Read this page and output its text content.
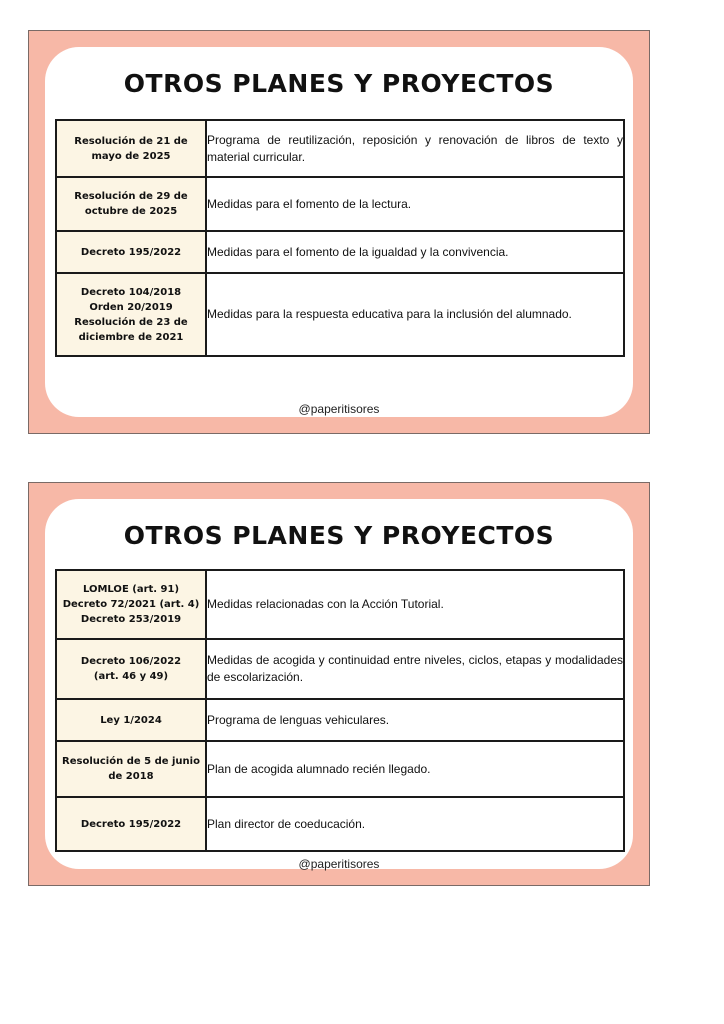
OTROS PLANES Y PROYECTOS
Resolución de 21 de
mayo de 2025	Programa de reutilización, reposición y renovación de libros de texto y material curricular.

Resolución de 29 de
octubre de 2025	Medidas para el fomento de la lectura.

Decreto 195/2022	Medidas para el fomento de la igualdad y la convivencia.

Decreto 104/2018
Orden 20/2019
Resolución de 23 de
diciembre de 2021	Medidas para la respuesta educativa para la inclusión del alumnado.
@paperitisores
OTROS PLANES Y PROYECTOS
LOMLOE (art. 91)
Decreto 72/2021 (art. 4)
Decreto 253/2019	Medidas relacionadas con la Acción Tutorial.

Decreto 106/2022
(art. 46 y 49)	Medidas de acogida y continuidad entre niveles, ciclos, etapas y modalidades de escolarización.

Ley 1/2024	Programa de lenguas vehiculares.

Resolución de 5 de junio
de 2018	Plan de acogida alumnado recién llegado.

Decreto 195/2022	Plan director de coeducación.
@paperitisores
